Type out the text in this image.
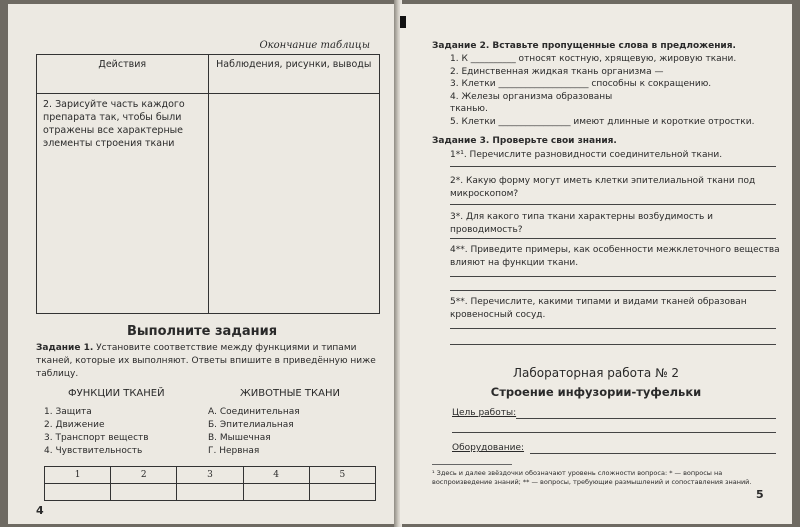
Окончание таблицы
Действия	Наблюдения, рисунки, выводы
2. Зарисуйте часть каждого препарата так, чтобы были отражены все характерные элементы строения ткани	
Выполните задания
Задание 1. Установите соответствие между функциями и типами тканей, которые их выполняют. Ответы впишите в приведённую ниже таблицу.
ФУНКЦИИ ТКАНЕЙ	ЖИВОТНЫЕ ТКАНИ
1. Защита
2. Движение
3. Транспорт веществ
4. Чувствительность
А. Соединительная
Б. Эпителиальная
В. Мышечная
Г. Нервная
1	2	3	4	5

4
Задание 2. Вставьте пропущенные слова в предложения.
1. К __________ относят костную, хрящевую, жировую ткани.
2. Единственная жидкая ткань организма —
3. Клетки ____________________ способны к сокращению.
4. Железы организма образованы
тканью.
5. Клетки ________________ имеют длинные и короткие отростки.
Задание 3. Проверьте свои знания.
1*¹. Перечислите разновидности соединительной ткани.
2*. Какую форму могут иметь клетки эпителиальной ткани под микроскопом?
3*. Для какого типа ткани характерны возбудимость и проводимость?
4**. Приведите примеры, как особенности межклеточного вещества влияют на функции ткани.
5**. Перечислите, какими типами и видами тканей образован кровеносный сосуд.
Лабораторная работа № 2
Строение инфузории-туфельки
Цель работы:
Оборудование:
¹ Здесь и далее звёздочки обозначают уровень сложности вопроса: * — вопросы на воспроизведение знаний; ** — вопросы, требующие размышлений и сопоставления знаний.
5
